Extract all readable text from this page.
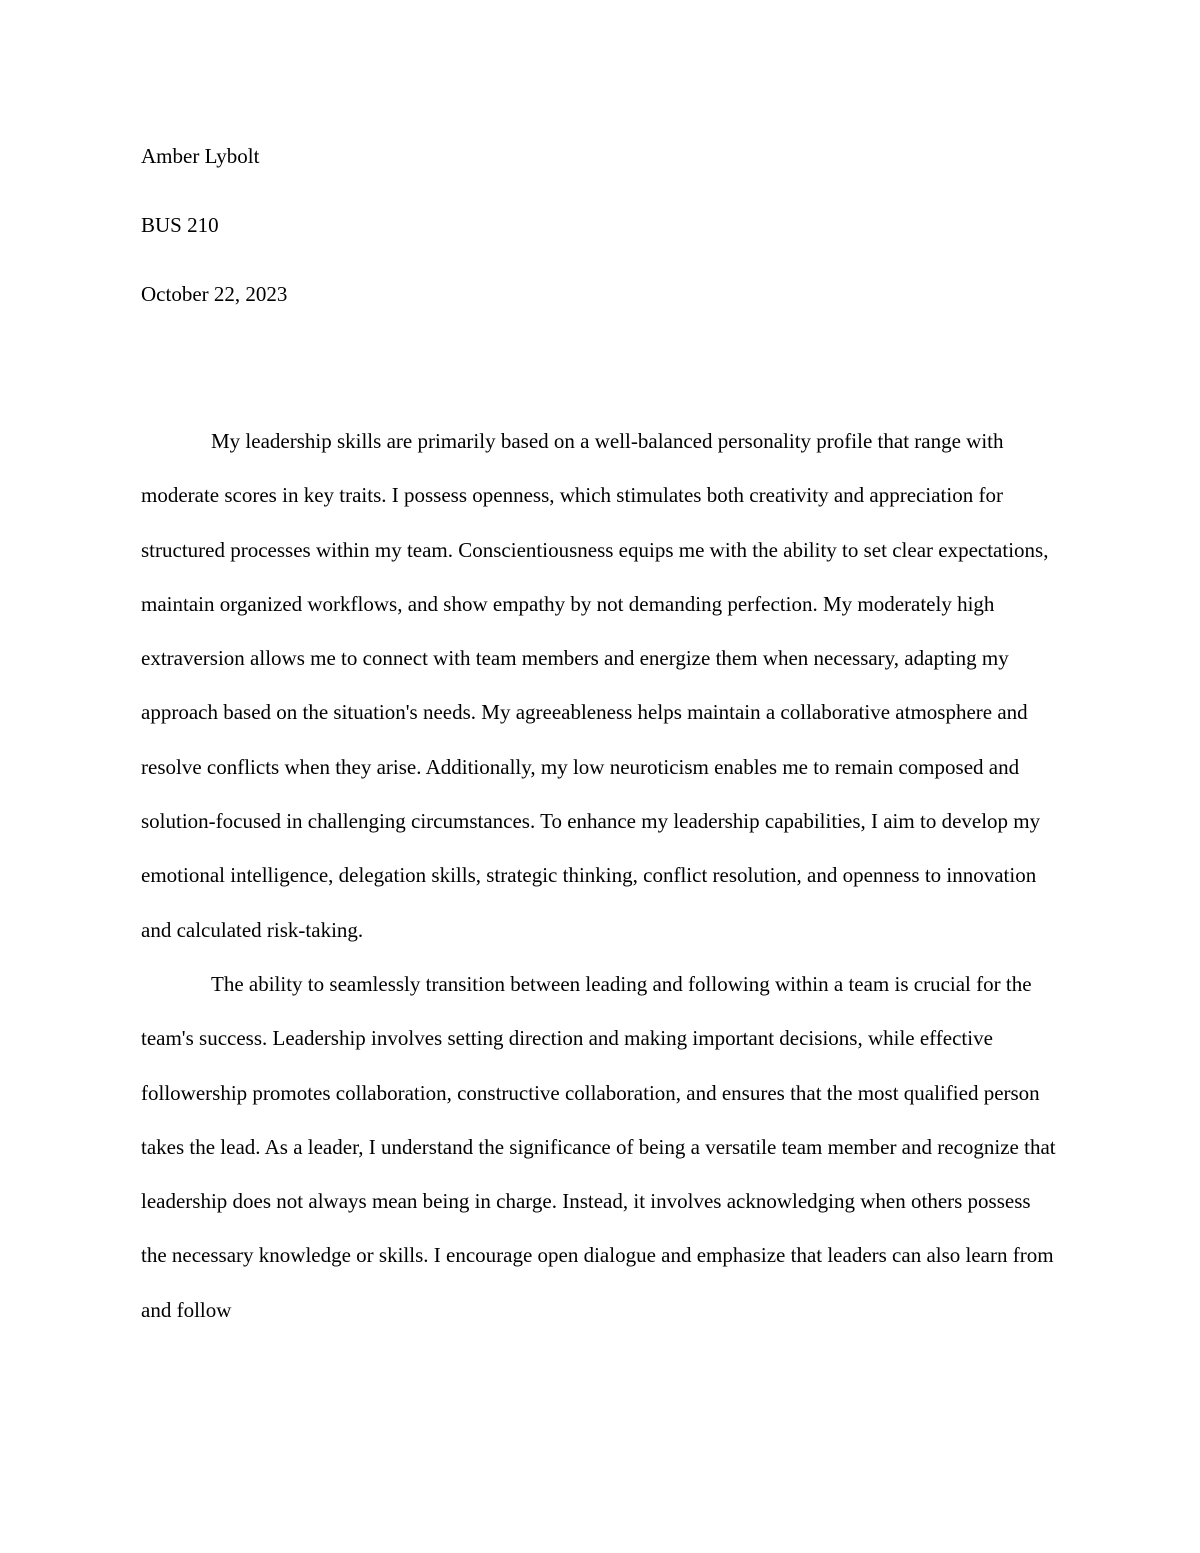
Amber Lybolt
BUS 210
October 22, 2023

My leadership skills are primarily based on a well-balanced personality profile that range with moderate scores in key traits. I possess openness, which stimulates both creativity and appreciation for structured processes within my team. Conscientiousness equips me with the ability to set clear expectations, maintain organized workflows, and show empathy by not demanding perfection. My moderately high extraversion allows me to connect with team members and energize them when necessary, adapting my approach based on the situation's needs. My agreeableness helps maintain a collaborative atmosphere and resolve conflicts when they arise. Additionally, my low neuroticism enables me to remain composed and solution-focused in challenging circumstances. To enhance my leadership capabilities, I aim to develop my emotional intelligence, delegation skills, strategic thinking, conflict resolution, and openness to innovation and calculated risk-taking.

The ability to seamlessly transition between leading and following within a team is crucial for the team's success. Leadership involves setting direction and making important decisions, while effective followership promotes collaboration, constructive collaboration, and ensures that the most qualified person takes the lead. As a leader, I understand the significance of being a versatile team member and recognize that leadership does not always mean being in charge. Instead, it involves acknowledging when others possess the necessary knowledge or skills. I encourage open dialogue and emphasize that leaders can also learn from and follow
